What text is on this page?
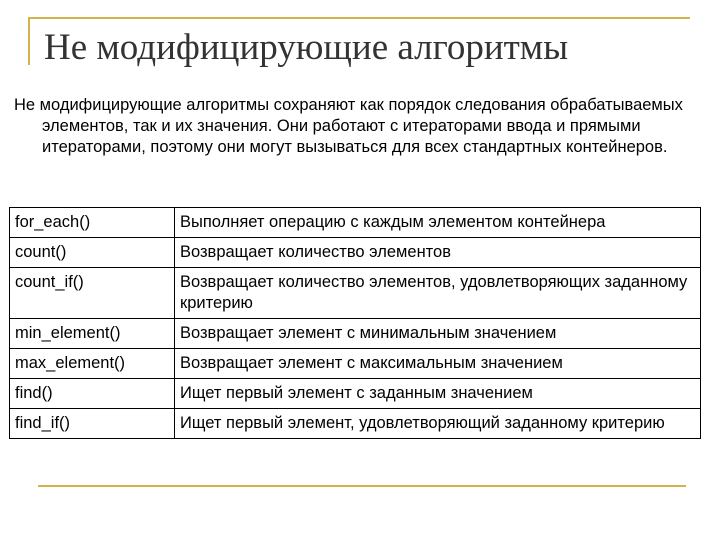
Не модифицирующие алгоритмы
Не модифицирующие алгоритмы сохраняют как порядок следования обрабатываемых элементов, так и их значения. Они работают с итераторами ввода и прямыми итераторами, поэтому они могут вызываться для всех стандартных контейнеров.
for_each()	Выполняет операцию с каждым элементом контейнера
count()	Возвращает количество элементов
count_if()	Возвращает количество элементов, удовлетворяющих заданному критерию
min_element()	Возвращает элемент с минимальным значением
max_element()	Возвращает элемент с максимальным значением
find()	Ищет первый элемент с заданным значением
find_if()	Ищет первый элемент, удовлетворяющий заданному критерию
